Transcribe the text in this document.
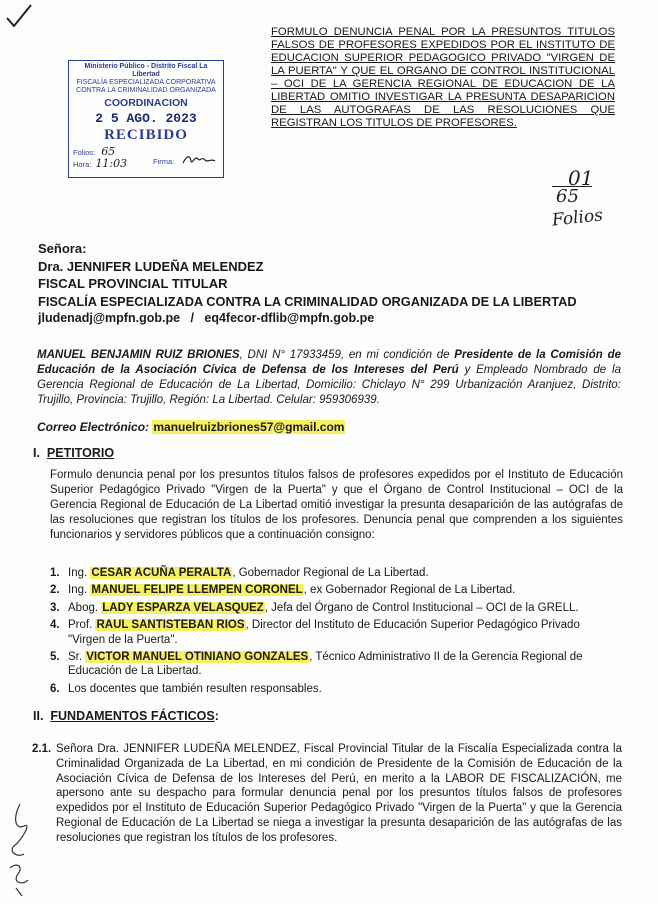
Ministerio Público - Distrito Fiscal La Libertad
FISCALÍA ESPECIALIZADA CORPORATIVA
CONTRA LA CRIMINALIDAD ORGANIZADA
COORDINACION
2 5 AGO. 2023
RECIBIDO
Folios: 65
Hora: 11:03	Firma:
FORMULO DENUNCIA PENAL POR LA PRESUNTOS TITULOS FALSOS DE PROFESORES EXPEDIDOS POR EL INSTITUTO DE EDUCACION SUPERIOR PEDAGOGICO PRIVADO "VIRGEN DE LA PUERTA" Y QUE EL ORGANO DE CONTROL INSTITUCIONAL – OCI DE LA GERENCIA REGIONAL DE EDUCACION DE LA LIBERTAD OMITIO INVESTIGAR LA PRESUNTA DESAPARICION DE LAS AUTOGRAFAS DE LAS RESOLUCIONES QUE REGISTRAN LOS TITULOS DE PROFESORES.
01
65
Folios
Señora:
Dra. JENNIFER LUDEÑA MELENDEZ
FISCAL PROVINCIAL TITULAR
FISCALÍA ESPECIALIZADA CONTRA LA CRIMINALIDAD ORGANIZADA DE LA LIBERTAD
jludenadj@mpfn.gob.pe / eq4fecor-dflib@mpfn.gob.pe
MANUEL BENJAMIN RUIZ BRIONES, DNI N° 17933459, en mi condición de Presidente de la Comisión de Educación de la Asociación Cívica de Defensa de los Intereses del Perú y Empleado Nombrado de la Gerencia Regional de Educación de La Libertad, Domicilio: Chiclayo N° 299 Urbanización Aranjuez, Distrito: Trujillo, Provincia: Trujillo, Región: La Libertad. Celular: 959306939.
Correo Electrónico: manuelruizbriones57@gmail.com
I. PETITORIO
Formulo denuncia penal por los presuntos títulos falsos de profesores expedidos por el Instituto de Educación Superior Pedagógico Privado "Virgen de la Puerta" y que el Órgano de Control Institucional – OCI de la Gerencia Regional de Educación de La Libertad omitió investigar la presunta desaparición de las autógrafas de las resoluciones que registran los títulos de los profesores. Denuncia penal que comprenden a los siguientes funcionarios y servidores públicos que a continuación consigno:
1. Ing. CESAR ACUÑA PERALTA, Gobernador Regional de La Libertad.
2. Ing. MANUEL FELIPE LLEMPEN CORONEL, ex Gobernador Regional de La Libertad.
3. Abog. LADY ESPARZA VELASQUEZ, Jefa del Órgano de Control Institucional – OCI de la GRELL.
4. Prof. RAUL SANTISTEBAN RIOS, Director del Instituto de Educación Superior Pedagógico Privado "Virgen de la Puerta".
5. Sr. VICTOR MANUEL OTINIANO GONZALES, Técnico Administrativo II de la Gerencia Regional de Educación de La Libertad.
6. Los docentes que también resulten responsables.
II. FUNDAMENTOS FÁCTICOS:
2.1. Señora Dra. JENNIFER LUDEÑA MELENDEZ, Fiscal Provincial Titular de la Fiscalía Especializada contra la Criminalidad Organizada de La Libertad, en mi condición de Presidente de la Comisión de Educación de la Asociación Cívica de Defensa de los Intereses del Perú, en merito a la LABOR DE FISCALIZACIÓN, me apersono ante su despacho para formular denuncia penal por los presuntos títulos falsos de profesores expedidos por el Instituto de Educación Superior Pedagógico Privado "Virgen de la Puerta" y que la Gerencia Regional de Educación de La Libertad se niega a investigar la presunta desaparición de las autógrafas de las resoluciones que registran los títulos de los profesores.
